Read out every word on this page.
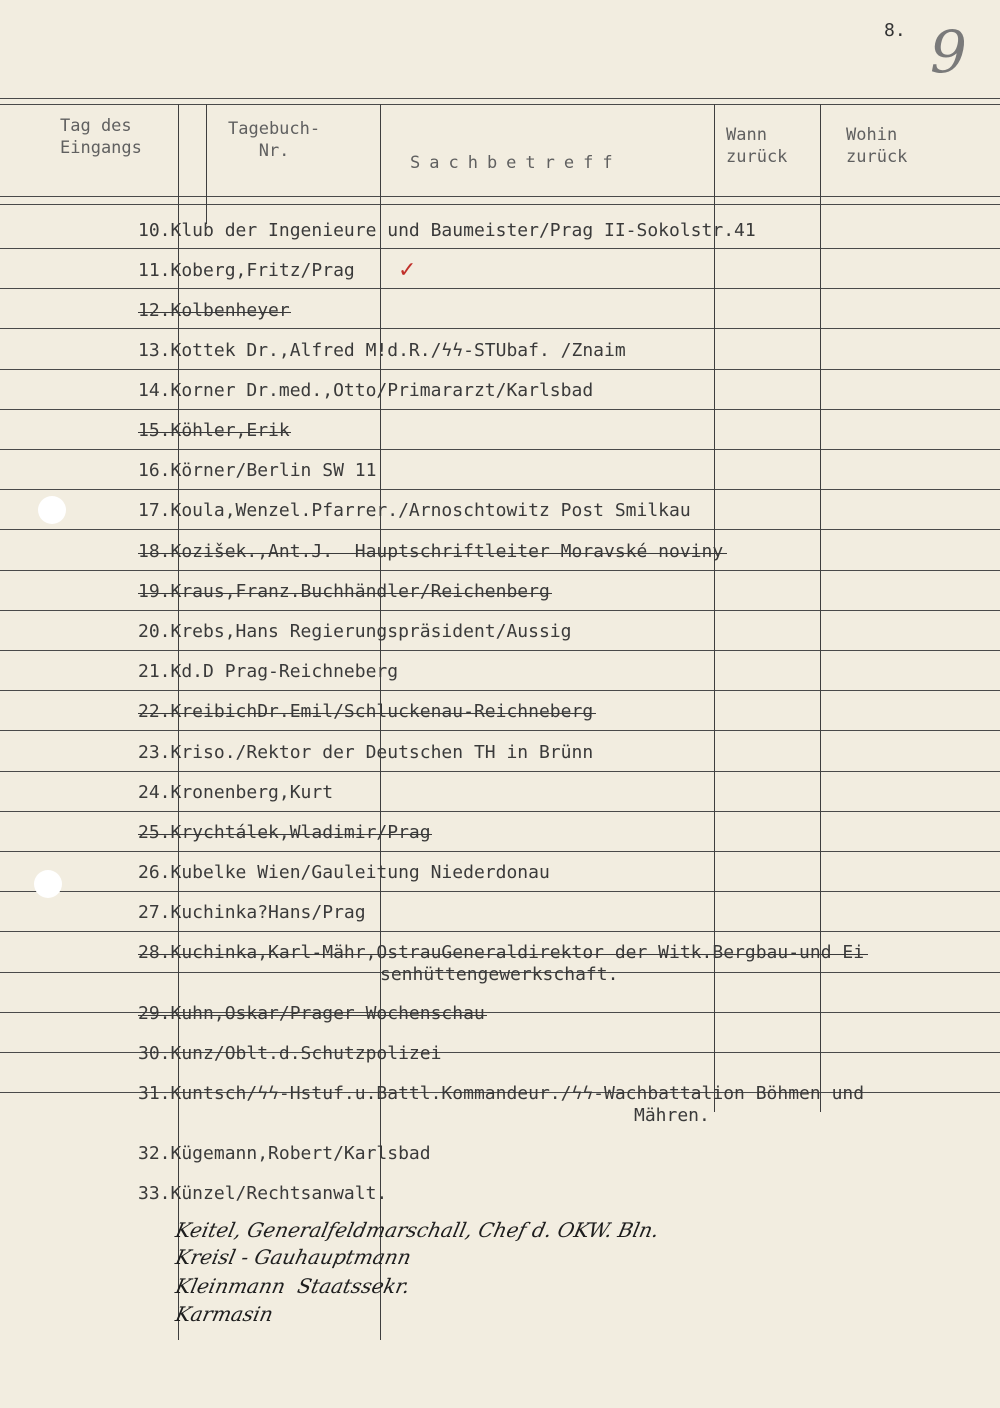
8. 9
Tag des
Eingangs
Tagebuch-
Nr.
Sachbetreff
Wann
zurück
Wohin
zurück
10.Klub der Ingenieure und Baumeister/Prag II-Sokolstr.41
11.Koberg,Fritz/Prag
12.Kolbenheyer
13.Kottek Dr.,Alfred M!d.R./ϟϟ-STUbaf. /Znaim
14.Korner Dr.med.,Otto/Primararzt/Karlsbad
15.Köhler,Erik
16.Körner/Berlin SW 11
17.Koula,Wenzel.Pfarrer./Arnoschtowitz Post Smilkau
18.Kozišek.,Ant.J.  Hauptschriftleiter Moravské noviny
19.Kraus,Franz.Buchhändler/Reichenberg
20.Krebs,Hans Regierungspräsident/Aussig
21.Kd.D Prag-Reichneberg
22.KreibichDr.Emil/Schluckenau-Reichneberg
23.Kriso./Rektor der Deutschen TH in Brünn
24.Kronenberg,Kurt
25.Krychtálek,Wladimir/Prag
26.Kubelke Wien/Gauleitung Niederdonau
27.Kuchinka?Hans/Prag
28.Kuchinka,Karl-Mähr,OstrauGeneraldirektor der Witk.Bergbau-und Ei
29.Kuhn,Oskar/Prager Wochenschau
30.Kunz/Oblt.d.Schutzpolizei
31.Kuntsch/ϟϟ-Hstuf.u.Battl.Kommandeur./ϟϟ-Wachbattalion Böhmen und
32.Kügemann,Robert/Karlsbad
33.Künzel/Rechtsanwalt.
senhüttengewerkschaft.
Mähren.
✓
Keitel, Generalfeldmarschall, Chef d. OKW. Bln.
Kreisl - Gauhauptmann
Kleinmann  Staatssekr.
Karmasin
